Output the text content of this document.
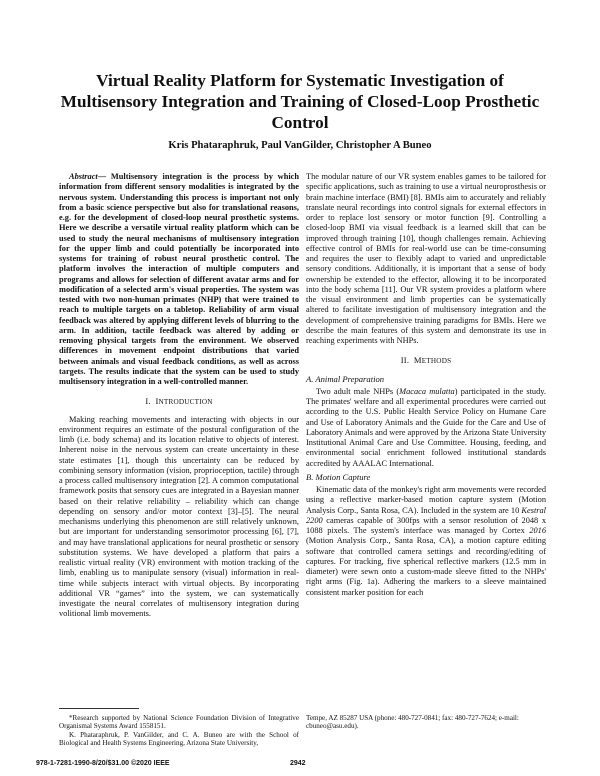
Virtual Reality Platform for Systematic Investigation of Multisensory Integration and Training of Closed-Loop Prosthetic Control
Kris Phataraphruk, Paul VanGilder, Christopher A Buneo

Abstract— Multisensory integration is the process by which information from different sensory modalities is integrated by the nervous system. Understanding this process is important not only from a basic science perspective but also for translational reasons, e.g. for the development of closed-loop neural prosthetic systems. Here we describe a versatile virtual reality platform which can be used to study the neural mechanisms of multisensory integration for the upper limb and could potentially be incorporated into systems for training of robust neural prosthetic control. The platform involves the interaction of multiple computers and programs and allows for selection of different avatar arms and for modification of a selected arm's visual properties. The system was tested with two non-human primates (NHP) that were trained to reach to multiple targets on a tabletop. Reliability of arm visual feedback was altered by applying different levels of blurring to the arm. In addition, tactile feedback was altered by adding or removing physical targets from the environment. We observed differences in movement endpoint distributions that varied between animals and visual feedback conditions, as well as across targets. The results indicate that the system can be used to study multisensory integration in a well-controlled manner.

I. INTRODUCTION

Making reaching movements and interacting with objects in our environment requires an estimate of the postural configuration of the limb (i.e. body schema) and its location relative to objects of interest. Inherent noise in the nervous system can create uncertainty in these state estimates [1], though this uncertainty can be reduced by combining sensory information (vision, proprioception, tactile) through a process called multisensory integration [2]. A common computational framework posits that sensory cues are integrated in a Bayesian manner based on their relative reliability – reliability which can change depending on sensory and/or motor context [3]–[5]. The neural mechanisms underlying this phenomenon are still relatively unknown, but are important for understanding sensorimotor processing [6], [7], and may have translational applications for neural prosthetic or sensory substitution systems. We have developed a platform that pairs a realistic virtual reality (VR) environment with motion tracking of the limb, enabling us to manipulate sensory (visual) information in real-time while subjects interact with virtual objects. By incorporating additional VR “games” into the system, we can systematically investigate the neural correlates of multisensory integration during volitional limb movements.

The modular nature of our VR system enables games to be tailored for specific applications, such as training to use a virtual neuroprosthesis or brain machine interface (BMI) [8]. BMIs aim to accurately and reliably translate neural recordings into control signals for external effectors in order to replace lost sensory or motor function [9]. Controlling a closed-loop BMI via visual feedback is a learned skill that can be improved through training [10], though challenges remain. Achieving effective control of BMIs for real-world use can be time-consuming and requires the user to flexibly adapt to varied and unpredictable sensory conditions. Additionally, it is important that a sense of body ownership be extended to the effector, allowing it to be incorporated into the body schema [11]. Our VR system provides a platform where the visual environment and limb properties can be systematically altered to facilitate investigation of multisensory integration and the development of comprehensive training paradigms for BMIs. Here we describe the main features of this system and demonstrate its use in reaching experiments with NHPs.

II. METHODS
A. Animal Preparation

Two adult male NHPs (Macaca mulatta) participated in the study. The primates' welfare and all experimental procedures were carried out according to the U.S. Public Health Service Policy on Humane Care and Use of Laboratory Animals and the Guide for the Care and Use of Laboratory Animals and were approved by the Arizona State University Institutional Animal Care and Use Committee. Housing, feeding, and environmental social enrichment followed institutional standards accredited by AAALAC International.

B. Motion Capture

Kinematic data of the monkey's right arm movements were recorded using a reflective marker-based motion capture system (Motion Analysis Corp., Santa Rosa, CA). Included in the system are 10 Kestral 2200 cameras capable of 300fps with a sensor resolution of 2048 x 1088 pixels. The system's interface was managed by Cortex 2016 (Motion Analysis Corp., Santa Rosa, CA), a motion capture editing software that controlled camera settings and recording/editing of captures. For tracking, five spherical reflective markers (12.5 mm in diameter) were sewn onto a custom-made sleeve fitted to the NHPs' right arms (Fig. 1a). Adhering the markers to a sleeve maintained consistent marker position for each

*Research supported by National Science Foundation Division of Integrative Organismal Systems Award 1558151.

K. Phataraphruk, P. VanGilder, and C. A. Buneo are with the School of Biological and Health Systems Engineering, Arizona State University,

Tempe, AZ 85287 USA (phone: 480-727-0841; fax: 480-727-7624; e-mail: cbuneo@asu.edu).

978-1-7281-1990-8/20/$31.00 ©2020 IEEE	2942
